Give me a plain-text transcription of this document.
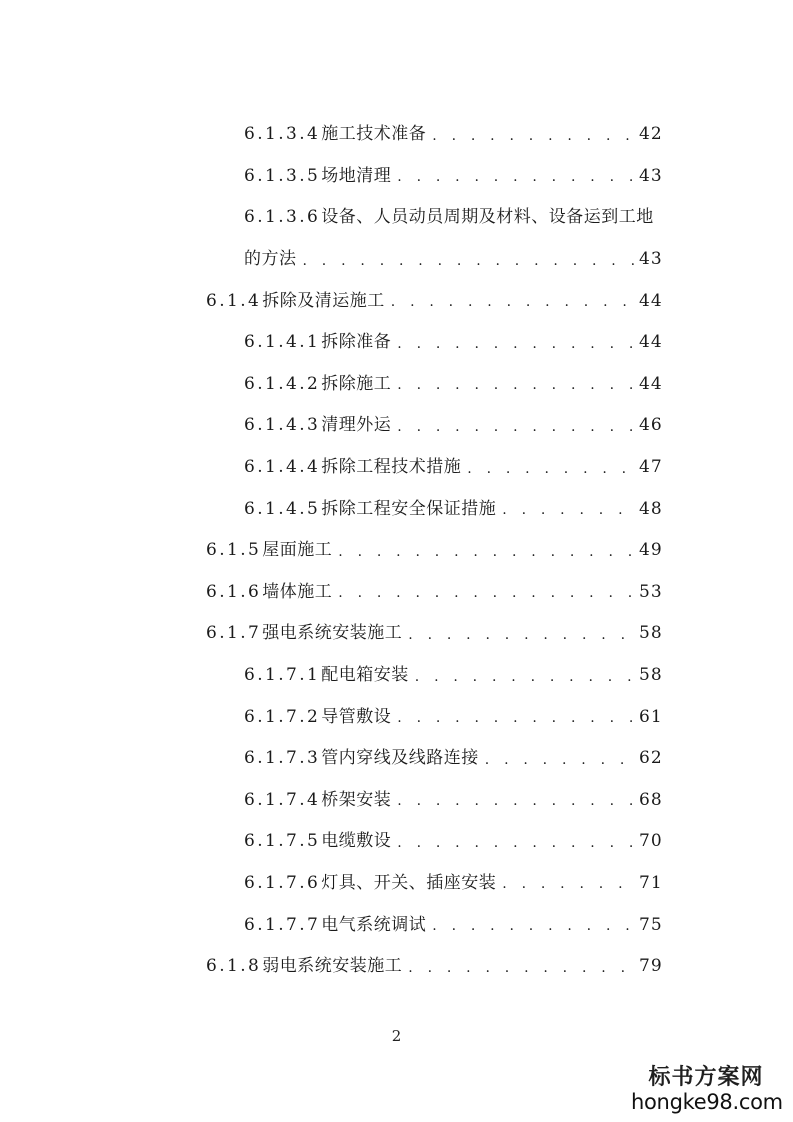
6.1.3.4 施工技术准备 . . .	42
6.1.3.5 场地清理 . . .	43
6.1.3.6 设备、人员动员周期及材料、设备运到工地
的方法 . . .	43
6.1.4 拆除及清运施工 . . .	44
6.1.4.1 拆除准备 . . .	44
6.1.4.2 拆除施工 . . .	44
6.1.4.3 清理外运 . . .	46
6.1.4.4 拆除工程技术措施 . . .	47
6.1.4.5 拆除工程安全保证措施 . . .	48
6.1.5 屋面施工 . . .	49
6.1.6 墙体施工 . . .	53
6.1.7 强电系统安装施工 . . .	58
6.1.7.1 配电箱安装 . . .	58
6.1.7.2 导管敷设 . . .	61
6.1.7.3 管内穿线及线路连接 . . .	62
6.1.7.4 桥架安装 . . .	68
6.1.7.5 电缆敷设 . . .	70
6.1.7.6 灯具、开关、插座安装 . . .	71
6.1.7.7 电气系统调试 . . .	75
6.1.8 弱电系统安装施工 . . .	79
2
标书方案网
hongke98.com
